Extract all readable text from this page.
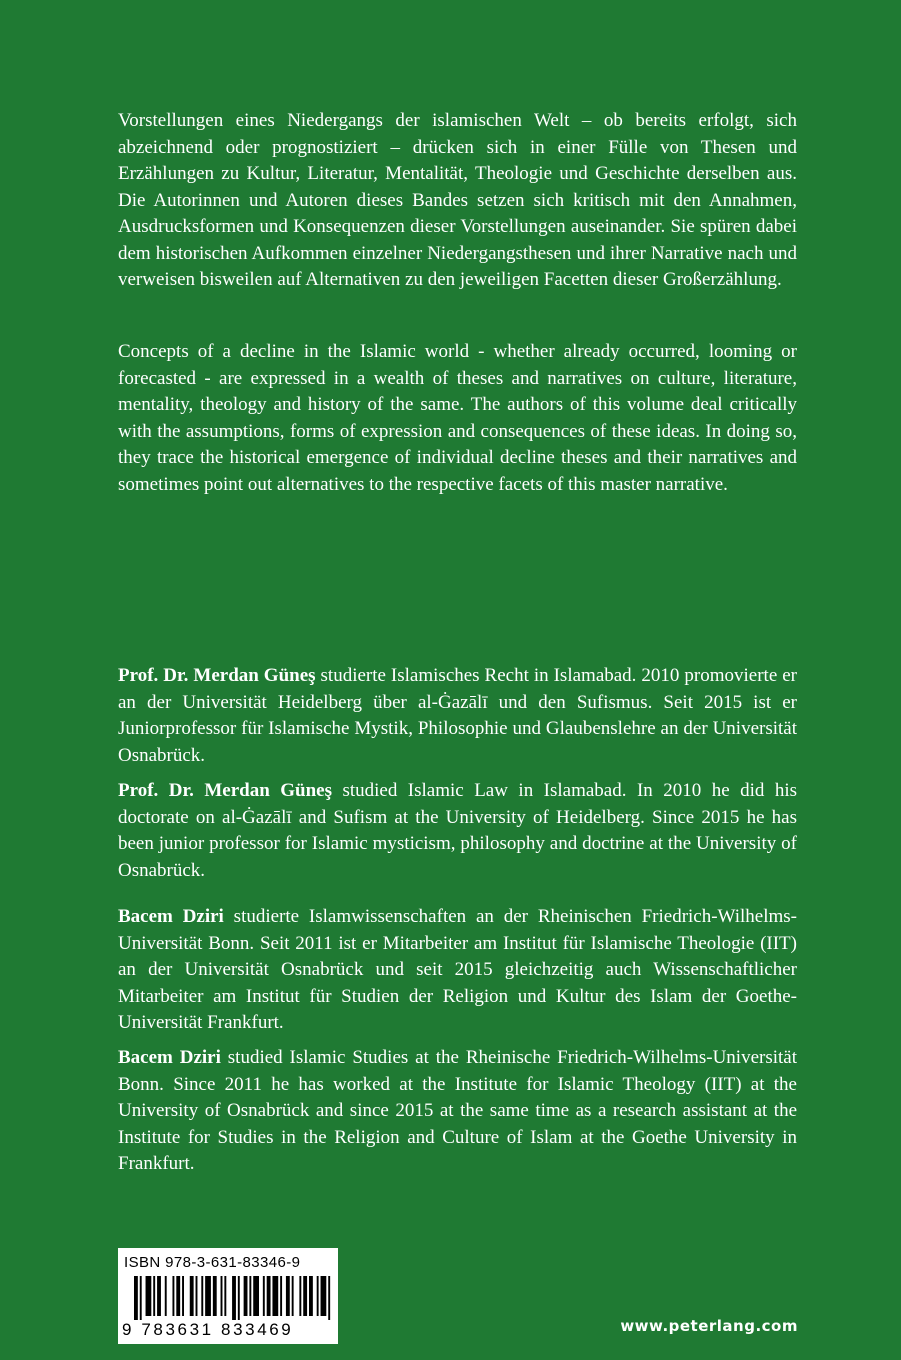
Vorstellungen eines Niedergangs der islamischen Welt – ob bereits erfolgt, sich abzeichnend oder prognostiziert – drücken sich in einer Fülle von Thesen und Erzählungen zu Kultur, Literatur, Mentalität, Theologie und Geschichte derselben aus. Die Autorinnen und Autoren dieses Bandes setzen sich kritisch mit den Annahmen, Ausdrucksformen und Konsequenzen dieser Vorstellungen auseinander. Sie spüren dabei dem historischen Aufkommen einzelner Niedergangsthesen und ihrer Narrative nach und verweisen bisweilen auf Alternativen zu den jeweiligen Facetten dieser Großerzählung.

Concepts of a decline in the Islamic world - whether already occurred, looming or forecasted - are expressed in a wealth of theses and narratives on culture, literature, mentality, theology and history of the same. The authors of this volume deal critically with the assumptions, forms of expression and consequences of these ideas. In doing so, they trace the historical emergence of individual decline theses and their narratives and sometimes point out alternatives to the respective facets of this master narrative.

Prof. Dr. Merdan Güneş studierte Islamisches Recht in Islamabad. 2010 promovierte er an der Universität Heidelberg über al-Ġazālī und den Sufismus. Seit 2015 ist er Juniorprofessor für Islamische Mystik, Philosophie und Glaubenslehre an der Universität Osnabrück.

Prof. Dr. Merdan Güneş studied Islamic Law in Islamabad. In 2010 he did his doctorate on al-Ġazālī and Sufism at the University of Heidelberg. Since 2015 he has been junior professor for Islamic mysticism, philosophy and doctrine at the University of Osnabrück.

Bacem Dziri studierte Islamwissenschaften an der Rheinischen Friedrich-Wilhelms-Universität Bonn. Seit 2011 ist er Mitarbeiter am Institut für Islamische Theologie (IIT) an der Universität Osnabrück und seit 2015 gleichzeitig auch Wissenschaftlicher Mitarbeiter am Institut für Studien der Religion und Kultur des Islam der Goethe-Universität Frankfurt.

Bacem Dziri studied Islamic Studies at the Rheinische Friedrich-Wilhelms-Universität Bonn. Since 2011 he has worked at the Institute for Islamic Theology (IIT) at the University of Osnabrück and since 2015 at the same time as a research assistant at the Institute for Studies in the Religion and Culture of Islam at the Goethe University in Frankfurt.

ISBN 978-3-631-83346-9
9 783631 833469	www.peterlang.com
